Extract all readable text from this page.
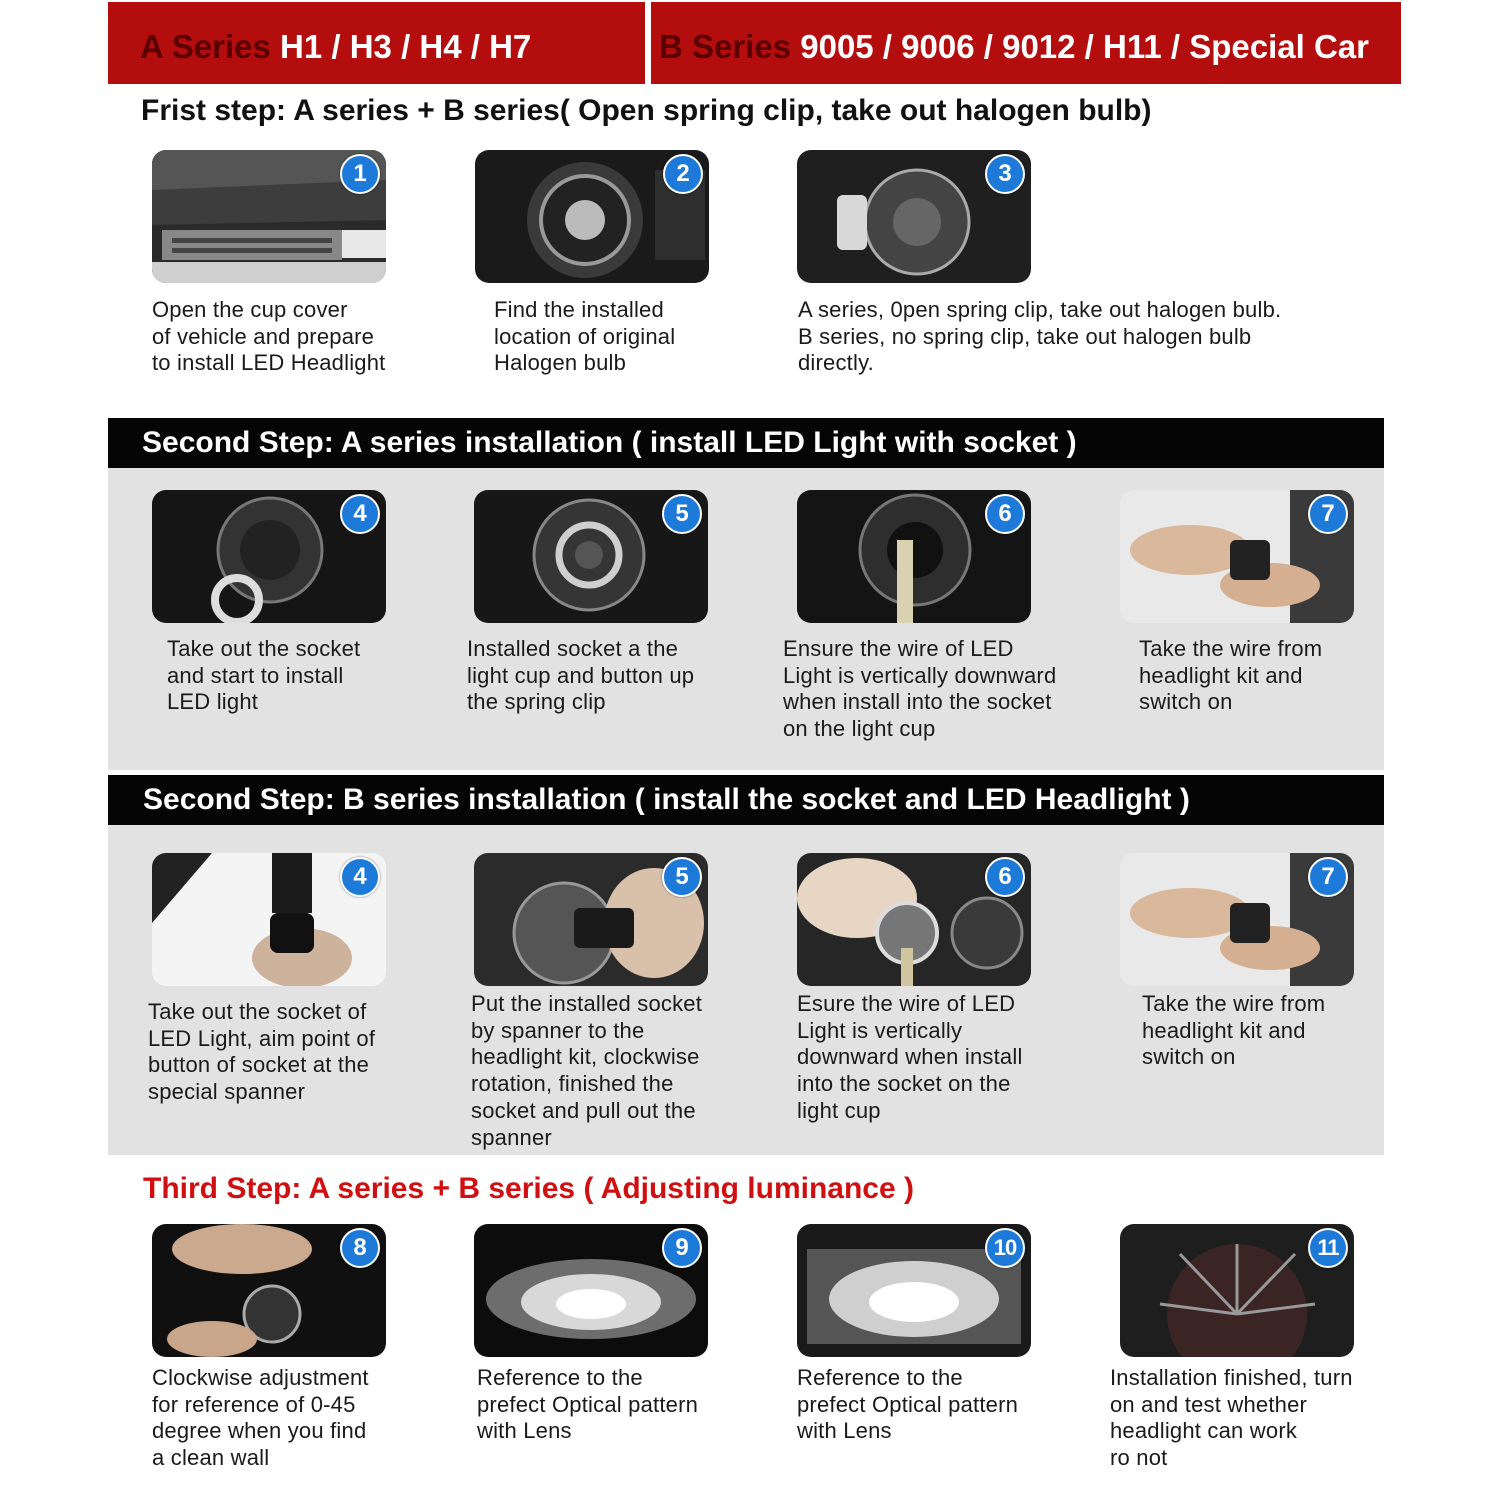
A Series H1 / H3 / H4 / H7	B Series 9005 / 9006 / 9012 / H11 / Special Car
Frist step: A series + B series( Open spring clip, take out halogen bulb)
1	2	3
Open the cup cover
of vehicle and prepare
to install LED Headlight
Find the installed
location of original
Halogen bulb
A series, 0pen spring clip, take out halogen bulb.
B series, no spring clip, take out halogen bulb
directly.
Second Step: A series installation ( install LED Light with socket )
4	5	6	7
Take out the socket
and start to install
LED light
Installed socket a the
light cup and button up
the spring clip
Ensure the wire of LED
Light is vertically downward
when install into the socket
on the light cup
Take the wire from
headlight kit and
switch on
Second Step: B series installation ( install the socket and LED Headlight )
4	5	6	7
Take out the socket of
LED Light, aim point of
button of socket at the
special spanner
Put the installed socket
by spanner to the
headlight kit, clockwise
rotation, finished the
socket and pull out the
spanner
Esure the wire of LED
Light is vertically
downward when install
into the socket on the
light cup
Take the wire from
headlight kit and
switch on
Third Step: A series + B series ( Adjusting luminance )
8	9	10	11
Clockwise adjustment
for reference of 0-45
degree when you find
a clean wall
Reference to the
prefect Optical pattern
with Lens
Reference to the
prefect Optical pattern
with Lens
Installation finished, turn
on and test whether
headlight can work
ro not
